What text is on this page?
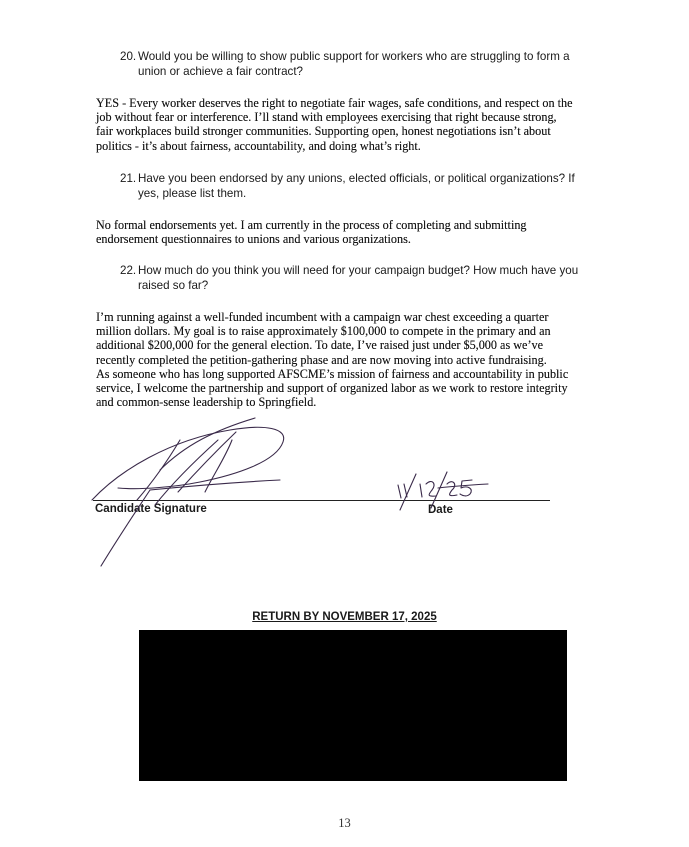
20. Would you be willing to show public support for workers who are struggling to form a union or achieve a fair contract?
YES - Every worker deserves the right to negotiate fair wages, safe conditions, and respect on the
job without fear or interference. I’ll stand with employees exercising that right because strong,
fair workplaces build stronger communities. Supporting open, honest negotiations isn’t about
politics - it’s about fairness, accountability, and doing what’s right.
21. Have you been endorsed by any unions, elected officials, or political organizations? If yes, please list them.
No formal endorsements yet. I am currently in the process of completing and submitting
endorsement questionnaires to unions and various organizations.
22. How much do you think you will need for your campaign budget? How much have you raised so far?
I’m running against a well-funded incumbent with a campaign war chest exceeding a quarter
million dollars. My goal is to raise approximately $100,000 to compete in the primary and an
additional $200,000 for the general election. To date, I’ve raised just under $5,000 as we’ve
recently completed the petition-gathering phase and are now moving into active fundraising.
As someone who has long supported AFSCME’s mission of fairness and accountability in public
service, I welcome the partnership and support of organized labor as we work to restore integrity
and common-sense leadership to Springfield.
Candidate Signature	Date
RETURN BY NOVEMBER 17, 2025
13
